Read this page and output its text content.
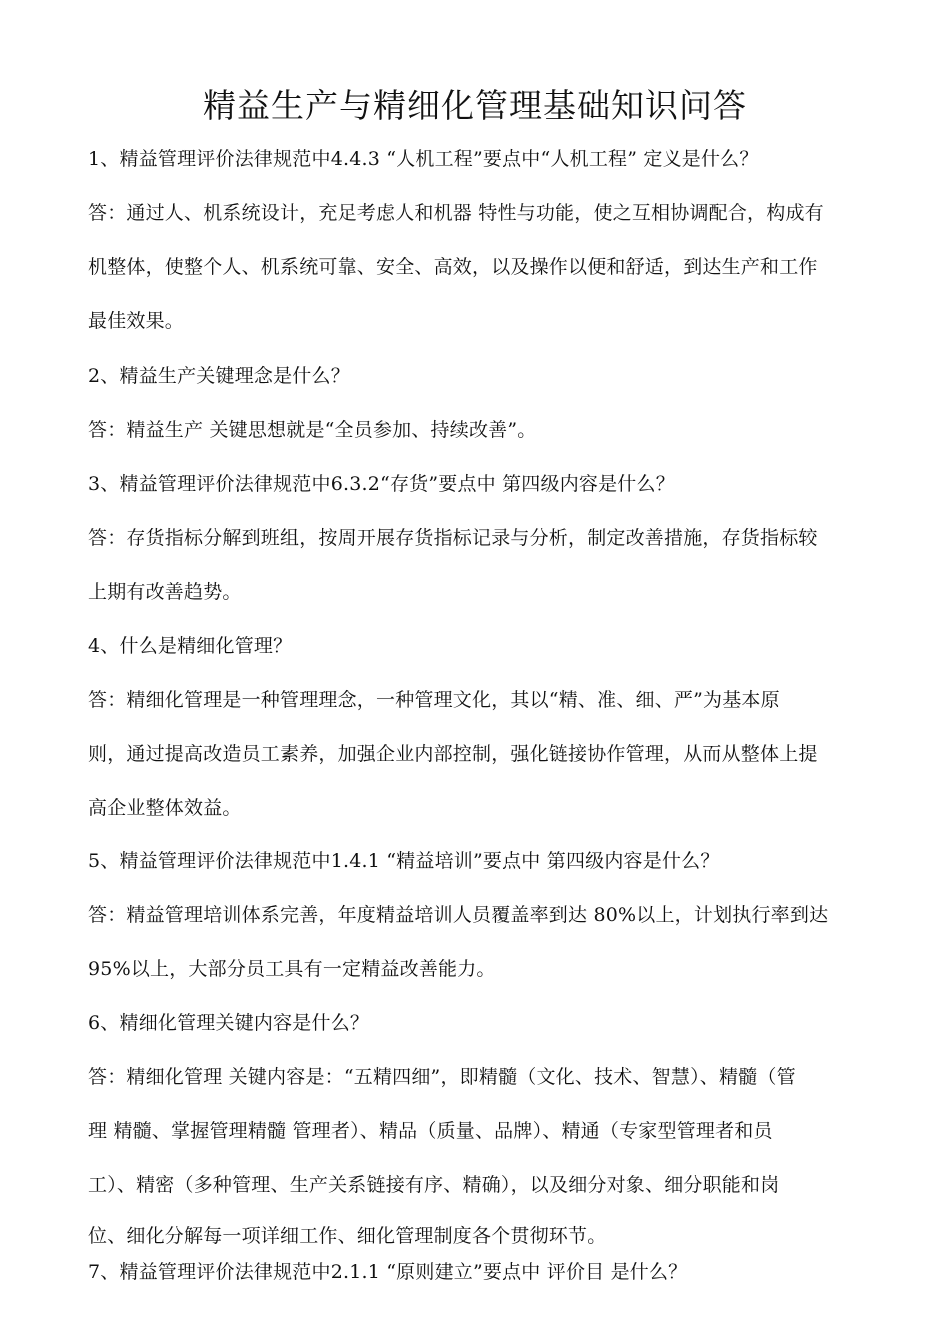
精益生产与精细化管理基础知识问答
1、精益管理评价法律规范中4.4.3 “人机工程”要点中“人机工程” 定义是什么？
答：通过人、机系统设计，充足考虑人和机器 特性与功能，使之互相协调配合，构成有
机整体，使整个人、机系统可靠、安全、高效，以及操作以便和舒适，到达生产和工作
最佳效果。
2、精益生产关键理念是什么？
答：精益生产 关键思想就是“全员参加、持续改善”。
3、精益管理评价法律规范中6.3.2“存货”要点中 第四级内容是什么？
答：存货指标分解到班组，按周开展存货指标记录与分析，制定改善措施，存货指标较
上期有改善趋势。
4、什么是精细化管理？
答：精细化管理是一种管理理念，一种管理文化，其以“精、准、细、严”为基本原
则，通过提高改造员工素养，加强企业内部控制，强化链接协作管理，从而从整体上提
高企业整体效益。
5、精益管理评价法律规范中1.4.1 “精益培训”要点中 第四级内容是什么？
答：精益管理培训体系完善，年度精益培训人员覆盖率到达 80%以上，计划执行率到达
95%以上，大部分员工具有一定精益改善能力。
6、精细化管理关键内容是什么？
答：精细化管理 关键内容是：“五精四细”，即精髓（文化、技术、智慧）、精髓（管
理 精髓、掌握管理精髓 管理者）、精品（质量、品牌）、精通（专家型管理者和员
工）、精密（多种管理、生产关系链接有序、精确），以及细分对象、细分职能和岗
位、细化分解每一项详细工作、细化管理制度各个贯彻环节。
7、精益管理评价法律规范中2.1.1 “原则建立”要点中 评价目 是什么？
